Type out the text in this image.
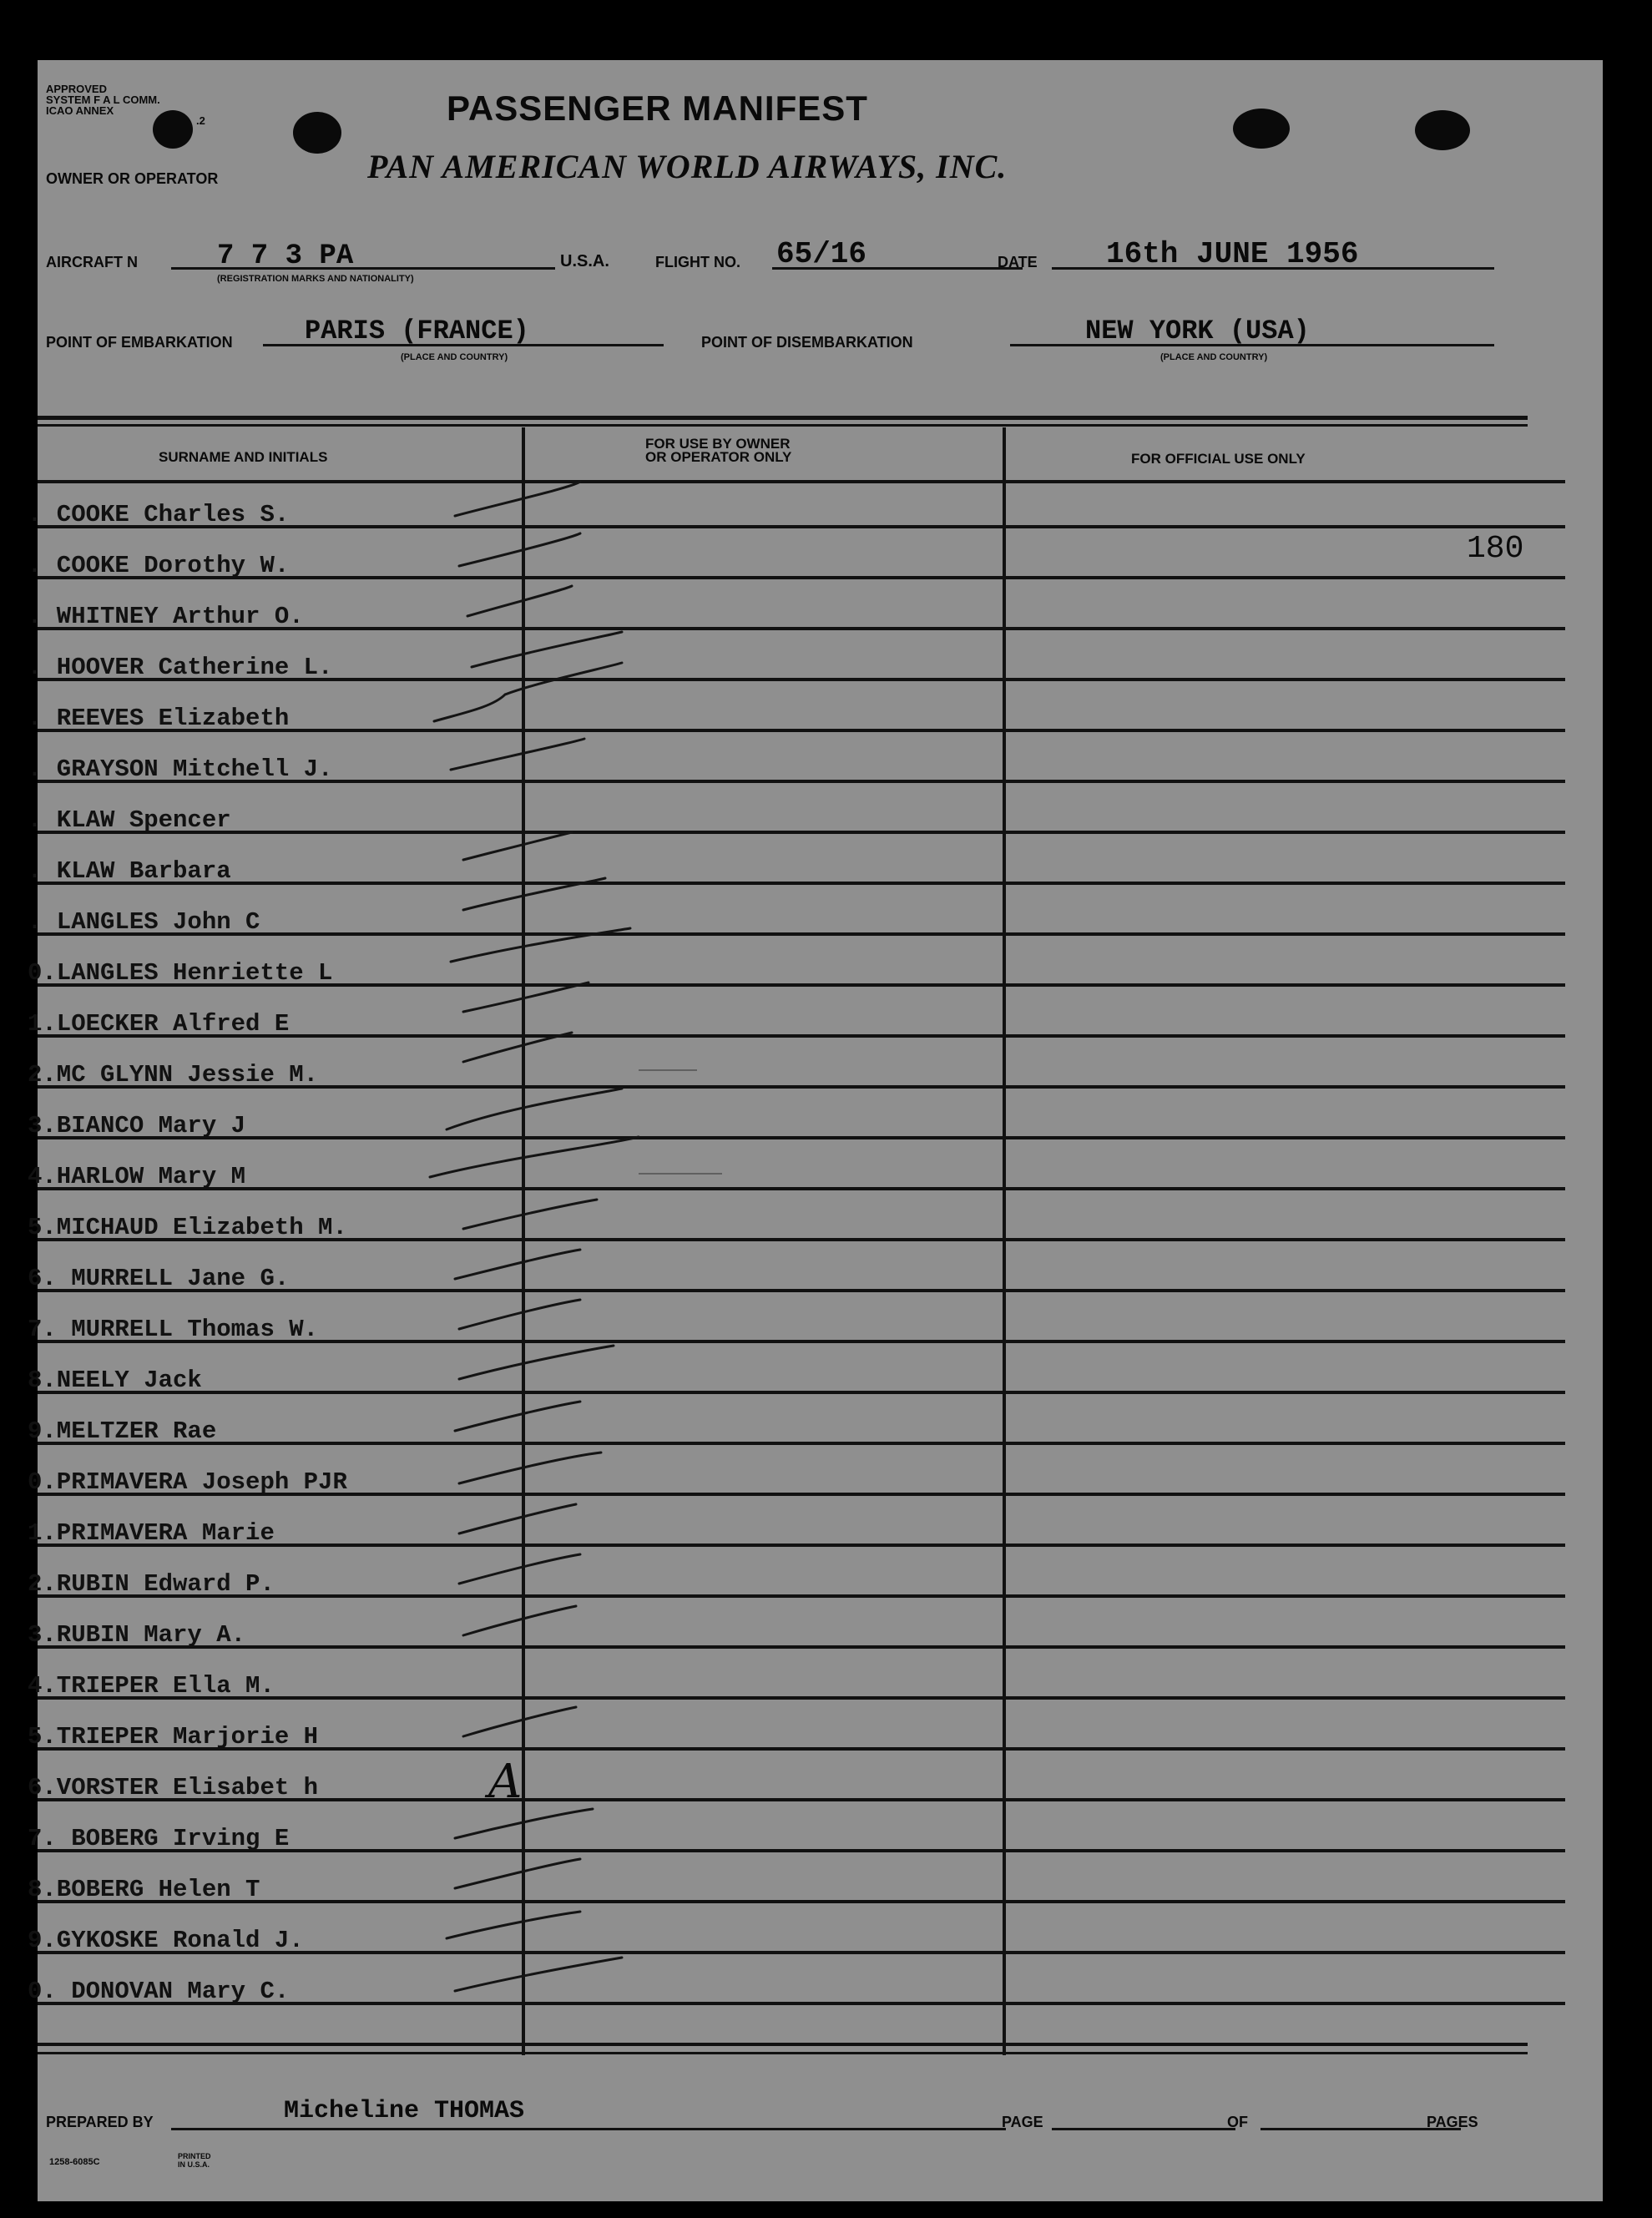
APPROVED
SYSTEM F A L COMM.
ICAO ANNEX
.2	PASSENGER MANIFEST
PAN AMERICAN WORLD AIRWAYS, INC.
OWNER OR OPERATOR
AIRCRAFT N	7 7 3 PA
(REGISTRATION MARKS AND NATIONALITY)
U.S.A.	FLIGHT NO. 65/16	DATE 16th JUNE 1956
POINT OF EMBARKATION	PARIS (FRANCE)
(PLACE AND COUNTRY)
POINT OF DISEMBARKATION	NEW YORK (USA)
(PLACE AND COUNTRY)
SURNAME AND INITIALS
FOR USE BY OWNER
OR OPERATOR ONLY	FOR OFFICIAL USE ONLY
180
. COOKE Charles S.
. COOKE Dorothy W.
. WHITNEY Arthur O.
. HOOVER Catherine L.
. REEVES Elizabeth
. GRAYSON Mitchell J.
. KLAW Spencer
. KLAW Barbara
. LANGLES John C
0.LANGLES Henriette L
1.LOECKER Alfred E
2.MC GLYNN Jessie M.
3.BIANCO Mary J
4.HARLOW Mary M
5.MICHAUD Elizabeth M.
6. MURRELL Jane G.
7. MURRELL Thomas W.
8.NEELY Jack
9.MELTZER Rae
0.PRIMAVERA Joseph PJR
1.PRIMAVERA Marie
2.RUBIN Edward P.
3.RUBIN Mary A.
4.TRIEPER Ella M.
5.TRIEPER Marjorie H
6.VORSTER Elisabet h
7. BOBERG Irving E
8.BOBERG Helen T
9.GYKOSKE Ronald J.
0. DONOVAN Mary C.
A
PREPARED BY	Micheline THOMAS	PAGE	OF	PAGES
1258-6085C
PRINTED IN U.S.A.
